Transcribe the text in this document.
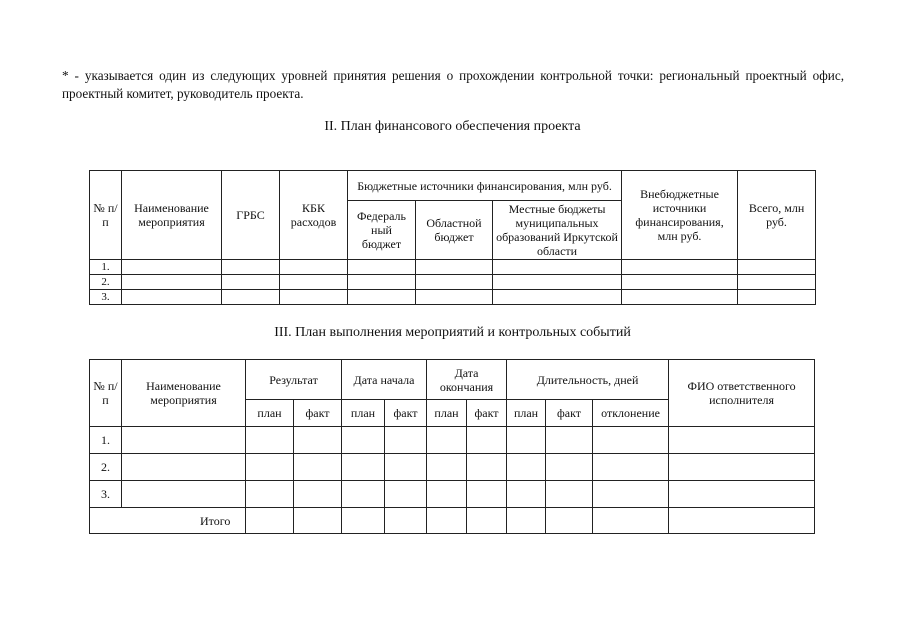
* - указывается один из следующих уровней принятия решения о прохождении контрольной точки: региональный проектный офис, проектный комитет, руководитель проекта.
II. План финансового обеспечения проекта
№ п/п	Наименование мероприятия	ГРБС	КБК расходов	Бюджетные источники финансирования, млн руб.			Внебюджетные источники финансирования, млн руб.	Всего, млн руб.
				Федераль ный бюджет	Областной бюджет	Местные бюджеты муниципальных образований Иркутской области		
1.								
2.								
3.								
III. План выполнения мероприятий и контрольных событий
№ п/п	Наименование мероприятия	Результат		Дата начала		Дата окончания		Длительность, дней			ФИО ответственного исполнителя
		план	факт	план	факт	план	факт	план	факт	отклонение	
1.											
2.											
3.											
Итого											
